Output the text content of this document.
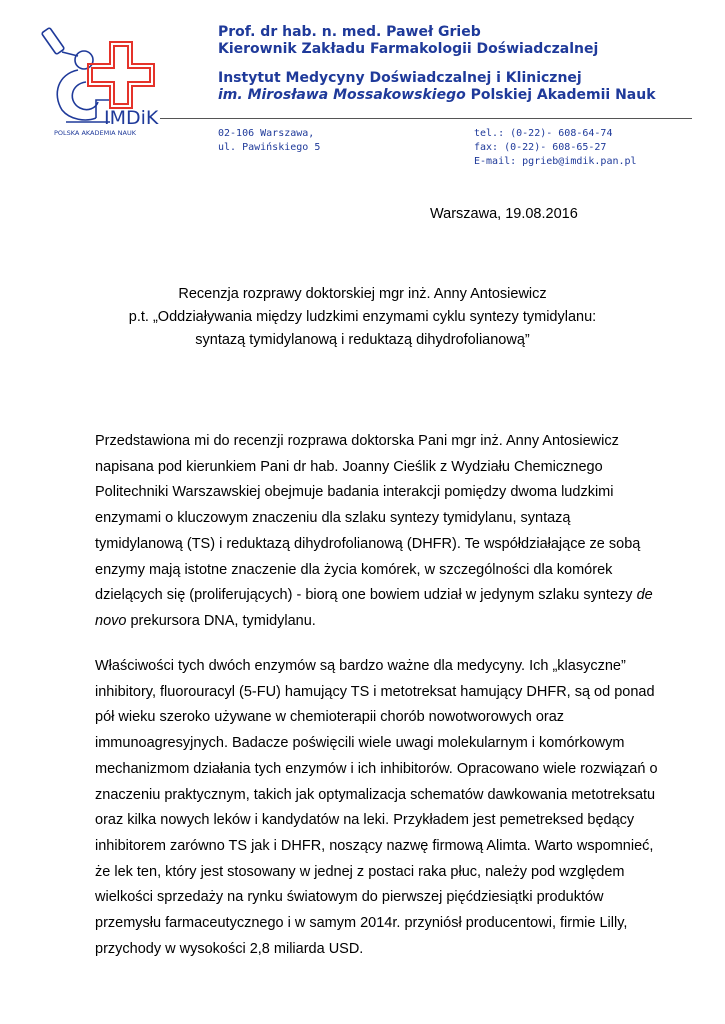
IMDiK
POLSKA AKADEMIA NAUK
Prof. dr hab. n. med. Paweł Grieb
Kierownik Zakładu Farmakologii Doświadczalnej
Instytut Medycyny Doświadczalnej i Klinicznej
im. Mirosława Mossakowskiego Polskiej Akademii Nauk
02-106 Warszawa,
ul. Pawińskiego 5
tel.: (0-22)- 608-64-74
fax: (0-22)- 608-65-27
E-mail: pgrieb@imdik.pan.pl
Warszawa, 19.08.2016
Recenzja rozprawy doktorskiej mgr inż. Anny Antosiewicz
p.t. „Oddziaływania między ludzkimi enzymami cyklu syntezy tymidylanu:
syntazą tymidylanową i reduktazą dihydrofolianową”
Przedstawiona mi do recenzji rozprawa doktorska Pani mgr inż. Anny Antosiewicz
napisana pod kierunkiem Pani dr hab. Joanny Cieślik z Wydziału Chemicznego
Politechniki Warszawskiej obejmuje badania interakcji pomiędzy dwoma ludzkimi
enzymami o kluczowym znaczeniu dla szlaku syntezy tymidylanu, syntazą
tymidylanową (TS) i reduktazą dihydrofolianową (DHFR). Te współdziałające ze sobą
enzymy mają istotne znaczenie dla życia komórek, w szczególności dla komórek
dzielących się (proliferujących) - biorą one bowiem udział w jedynym szlaku syntezy de
novo prekursora DNA, tymidylanu.
Właściwości tych dwóch enzymów są bardzo ważne dla medycyny. Ich „klasyczne”
inhibitory, fluorouracyl (5-FU) hamujący TS i metotreksat hamujący DHFR, są od ponad
pół wieku szeroko używane w chemioterapii chorób nowotworowych oraz
immunoagresyjnych. Badacze poświęcili wiele uwagi molekularnym i komórkowym
mechanizmom działania tych enzymów i ich inhibitorów. Opracowano wiele rozwiązań o
znaczeniu praktycznym, takich jak optymalizacja schematów dawkowania metotreksatu
oraz kilka nowych leków i kandydatów na leki. Przykładem jest pemetreksed będący
inhibitorem zarówno TS jak i DHFR, noszący nazwę firmową Alimta. Warto wspomnieć,
że lek ten, który jest stosowany w jednej z postaci raka płuc, należy pod względem
wielkości sprzedaży na rynku światowym do pierwszej pięćdziesiątki produktów
przemysłu farmaceutycznego i w samym 2014r. przyniósł producentowi, firmie Lilly,
przychody w wysokości 2,8 miliarda USD.
